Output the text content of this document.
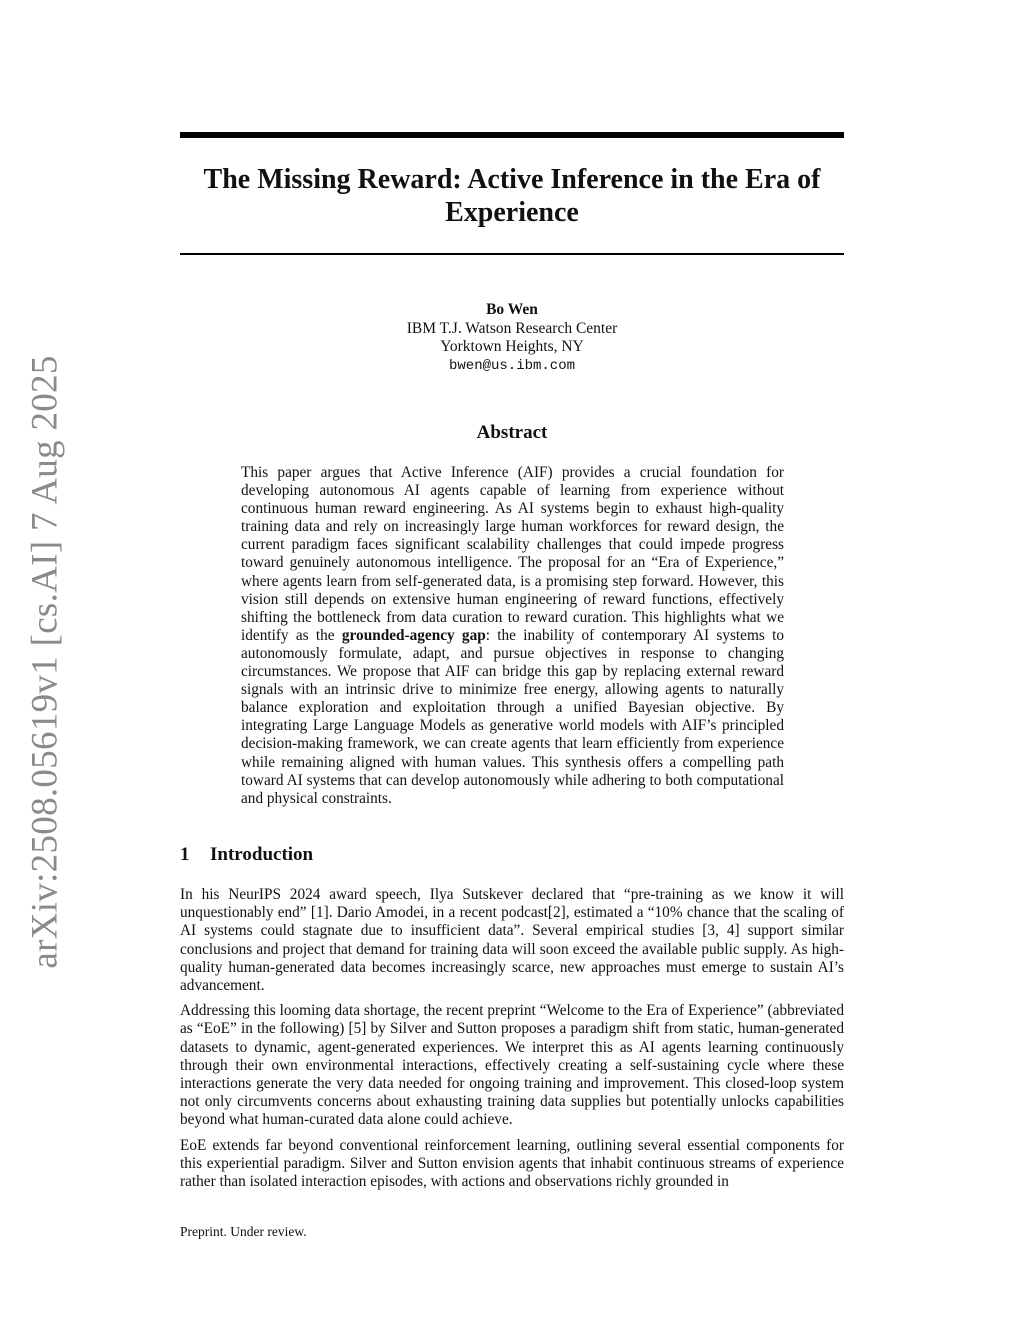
arXiv:2508.05619v1 [cs.AI] 7 Aug 2025
The Missing Reward: Active Inference in the Era of Experience
Bo Wen
IBM T.J. Watson Research Center
Yorktown Heights, NY
bwen@us.ibm.com
Abstract
This paper argues that Active Inference (AIF) provides a crucial foundation for developing autonomous AI agents capable of learning from experience without continuous human reward engineering. As AI systems begin to exhaust high-quality training data and rely on increasingly large human workforces for reward design, the current paradigm faces significant scalability challenges that could impede progress toward genuinely autonomous intelligence. The proposal for an “Era of Experience,” where agents learn from self-generated data, is a promising step forward. However, this vision still depends on extensive human engineering of reward functions, effectively shifting the bottleneck from data curation to reward curation. This highlights what we identify as the grounded-agency gap: the inability of contemporary AI systems to autonomously formulate, adapt, and pursue objectives in response to changing circumstances. We propose that AIF can bridge this gap by replacing external reward signals with an intrinsic drive to minimize free energy, allowing agents to naturally balance exploration and exploitation through a unified Bayesian objective. By integrating Large Language Models as generative world models with AIF’s principled decision-making framework, we can create agents that learn efficiently from experience while remaining aligned with human values. This synthesis offers a compelling path toward AI systems that can develop autonomously while adhering to both computational and physical constraints.
1 Introduction

In his NeurIPS 2024 award speech, Ilya Sutskever declared that “pre-training as we know it will unquestionably end” [1]. Dario Amodei, in a recent podcast[2], estimated a “10% chance that the scaling of AI systems could stagnate due to insufficient data”. Several empirical studies [3, 4] support similar conclusions and project that demand for training data will soon exceed the available public supply. As high-quality human-generated data becomes increasingly scarce, new approaches must emerge to sustain AI’s advancement.

Addressing this looming data shortage, the recent preprint “Welcome to the Era of Experience” (abbreviated as “EoE” in the following) [5] by Silver and Sutton proposes a paradigm shift from static, human-generated datasets to dynamic, agent-generated experiences. We interpret this as AI agents learning continuously through their own environmental interactions, effectively creating a self-sustaining cycle where these interactions generate the very data needed for ongoing training and improvement. This closed-loop system not only circumvents concerns about exhausting training data supplies but potentially unlocks capabilities beyond what human-curated data alone could achieve.

EoE extends far beyond conventional reinforcement learning, outlining several essential components for this experiential paradigm. Silver and Sutton envision agents that inhabit continuous streams of experience rather than isolated interaction episodes, with actions and observations richly grounded in

Preprint. Under review.
